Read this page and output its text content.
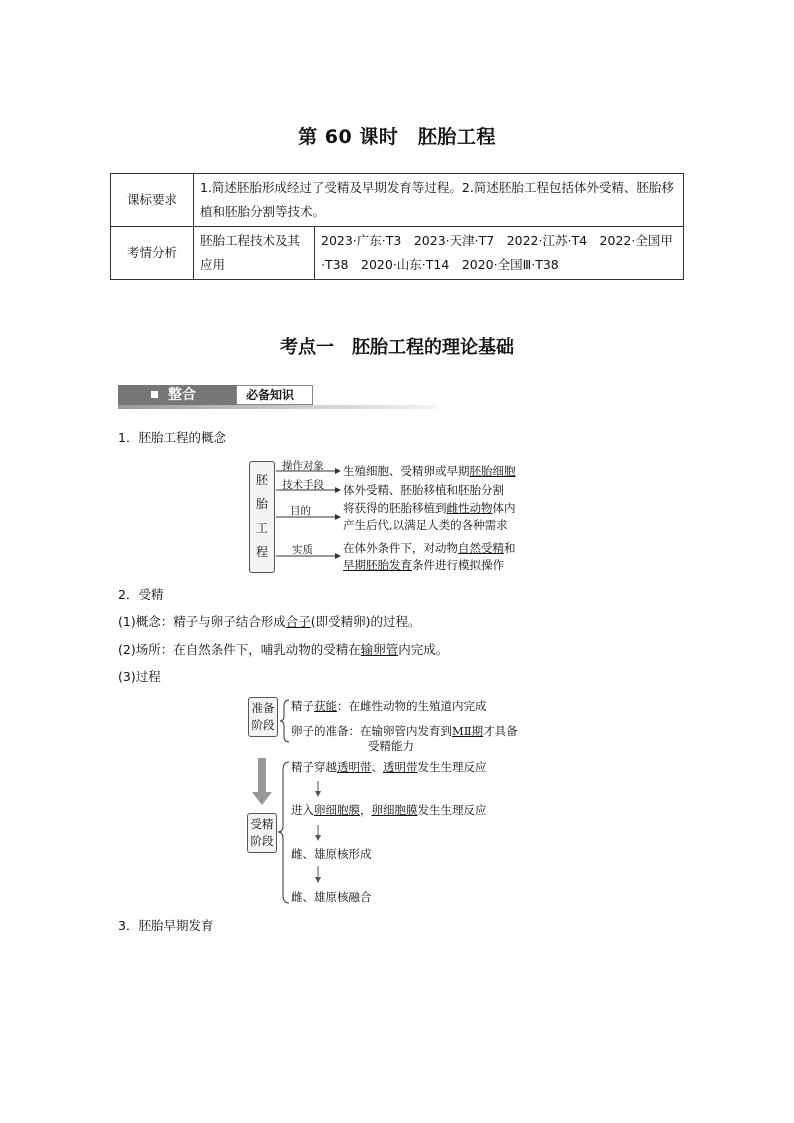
第 60 课时　胚胎工程
课标要求	1.简述胚胎形成经过了受精及早期发育等过程。2.简述胚胎工程包括体外受精、胚胎移植和胚胎分割等技术。	
考情分析	胚胎工程技术及其应用	2023·广东·T3　2023·天津·T7　2022·江苏·T4　2022·全国甲·T38　2020·山东·T14　2020·全国Ⅲ·T38
考点一　胚胎工程的理论基础
整合	必备知识
1．胚胎工程的概念
胚
胎
工
程
操作对象
技术手段
目的
实质
生殖细胞、受精卵或早期胚胎细胞
体外受精、胚胎移植和胚胎分割
将获得的胚胎移植到雌性动物体内
产生后代,以满足人类的各种需求
在体外条件下，对动物自然受精和
早期胚胎发育条件进行模拟操作
2．受精
(1)概念：精子与卵子结合形成合子(即受精卵)的过程。
(2)场所：在自然条件下，哺乳动物的受精在输卵管内完成。
(3)过程
准备
阶段
精子获能：在雌性动物的生殖道内完成
卵子的准备：在输卵管内发育到MⅡ期才具备
受精能力
受精
阶段
精子穿越透明带、透明带发生生理反应
进入卵细胞膜，卵细胞膜发生生理反应
雌、雄原核形成
雌、雄原核融合
3．胚胎早期发育
